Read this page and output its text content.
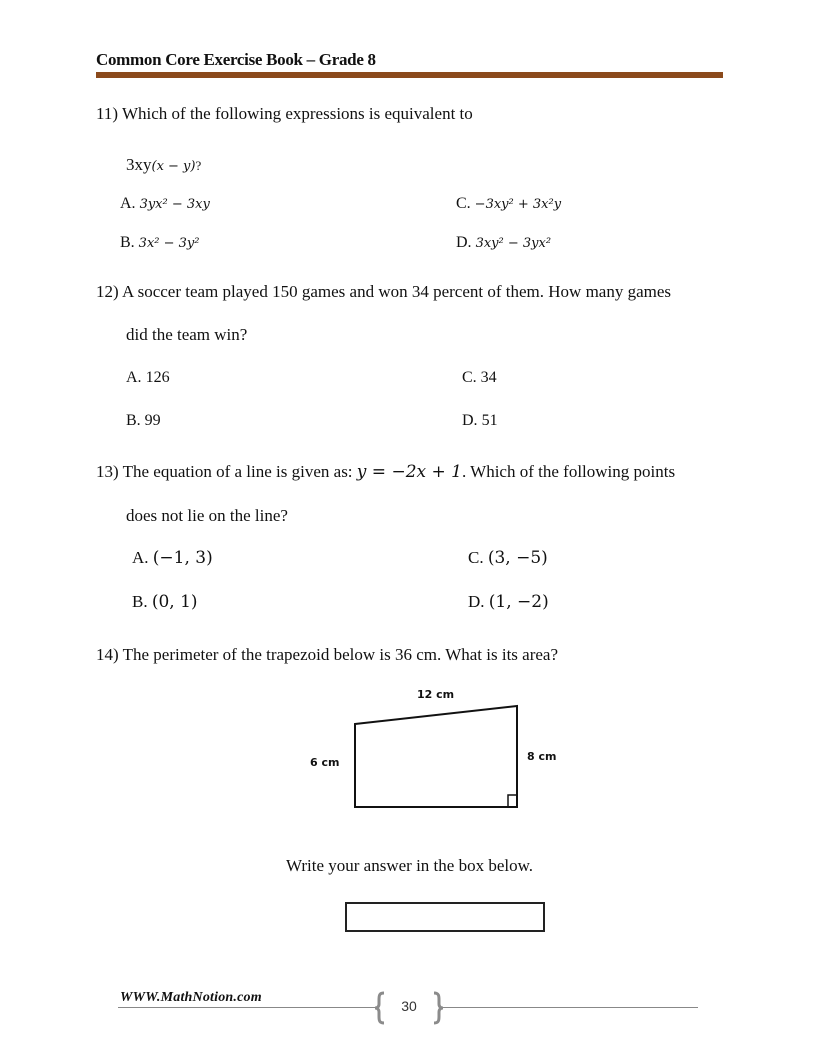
Common Core Exercise Book – Grade 8
11) Which of the following expressions is equivalent to
3xy(x − y)?
A. 3yx² − 3xy
B. 3x² − 3y²
C. −3xy² + 3x²y
D. 3xy² − 3yx²
12) A soccer team played 150 games and won 34 percent of them. How many games
did the team win?
A. 126
B. 99
C. 34
D. 51
13) The equation of a line is given as: y = −2x + 1. Which of the following points
does not lie on the line?
A. (−1, 3)
B. (0, 1)
C. (3, −5)
D. (1, −2)
14) The perimeter of the trapezoid below is 36 cm. What is its area?
12 cm
6 cm	8 cm
Write your answer in the box below.
WWW.MathNotion.com
30
